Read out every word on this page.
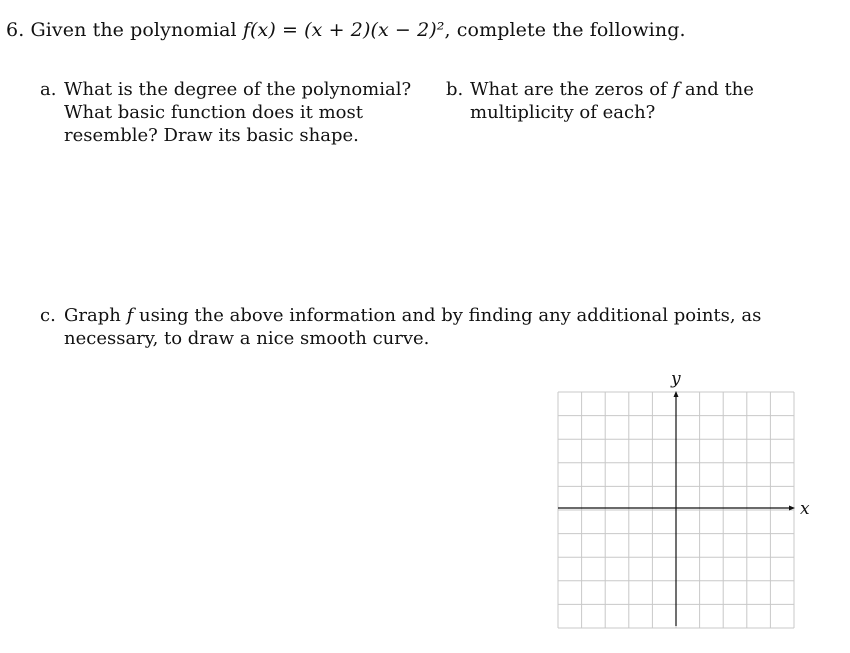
6. Given the polynomial f(x) = (x + 2)(x − 2)², complete the following.
a. What is the degree of the polynomial? What basic function does it most resemble? Draw its basic shape.
b. What are the zeros of f and the multiplicity of each?
c. Graph f using the above information and by finding any additional points, as necessary, to draw a nice smooth curve.
x
y
